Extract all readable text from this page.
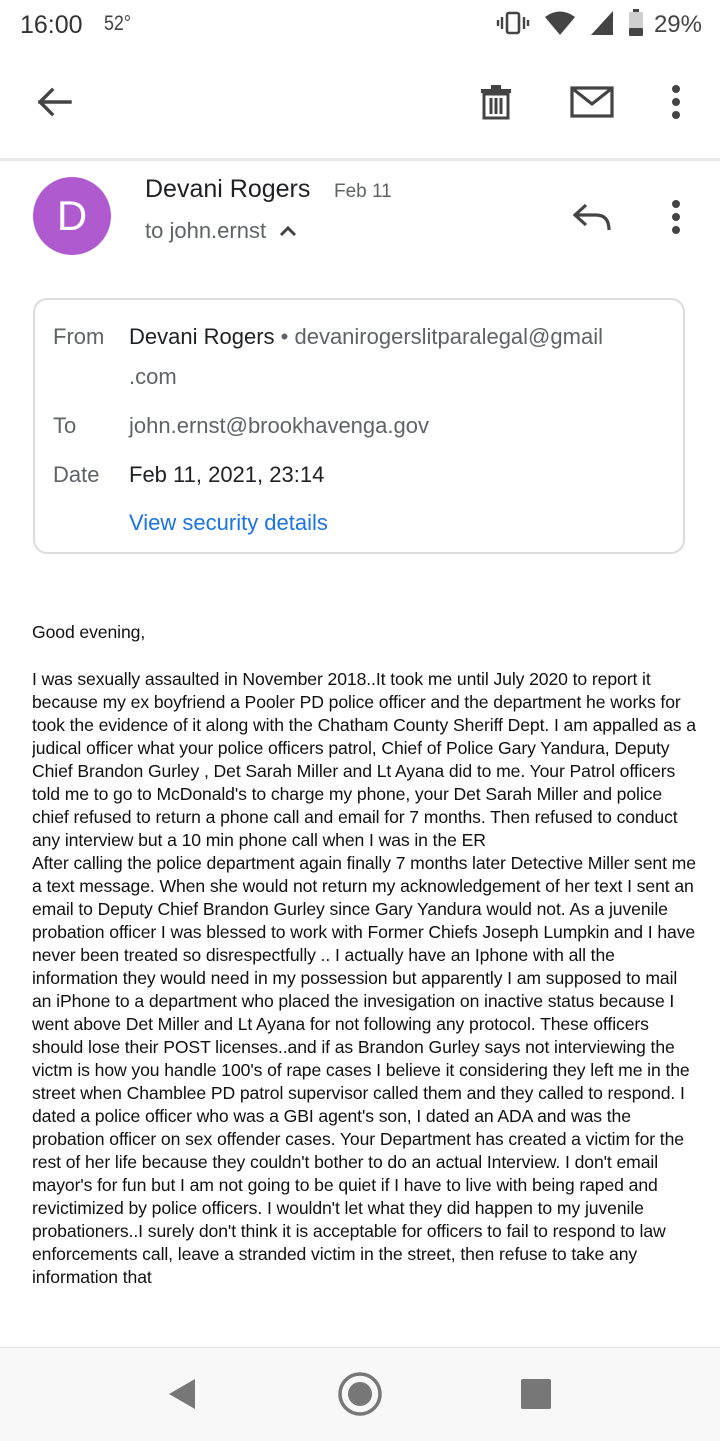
16:00 52°	29%
D
Devani Rogers Feb 11
to john.ernst
From Devani Rogers • devanirogerslitparalegal@gmail
.com
To john.ernst@brookhavenga.gov
Date Feb 11, 2021, 23:14
View security details

Good evening,

I was sexually assaulted in November 2018..It took me until July 2020 to report it because my ex boyfriend a Pooler PD police officer and the department he works for took the evidence of it along with the Chatham County Sheriff Dept. I am appalled as a judical officer what your police officers patrol, Chief of Police Gary Yandura, Deputy Chief Brandon Gurley , Det Sarah Miller and Lt Ayana did to me. Your Patrol officers told me to go to McDonald's to charge my phone, your Det Sarah Miller and police chief refused to return a phone call and email for 7 months. Then refused to conduct any interview but a 10 min phone call when I was in the ER
After calling the police department again finally 7 months later Detective Miller sent me a text message. When she would not return my acknowledgement of her text I sent an email to Deputy Chief Brandon Gurley since Gary Yandura would not. As a juvenile probation officer I was blessed to work with Former Chiefs Joseph Lumpkin and I have never been treated so disrespectfully .. I actually have an Iphone with all the information they would need in my possession but apparently I am supposed to mail an iPhone to a department who placed the invesigation on inactive status because I went above Det Miller and Lt Ayana for not following any protocol. These officers should lose their POST licenses..and if as Brandon Gurley says not interviewing the victm is how you handle 100's of rape cases I believe it considering they left me in the street when Chamblee PD patrol supervisor called them and they called to respond. I dated a police officer who was a GBI agent's son, I dated an ADA and was the probation officer on sex offender cases. Your Department has created a victim for the rest of her life because they couldn't bother to do an actual Interview. I don't email mayor's for fun but I am not going to be quiet if I have to live with being raped and revictimized by police officers. I wouldn't let what they did happen to my juvenile probationers..I surely don't think it is acceptable for officers to fail to respond to law enforcements call, leave a stranded victim in the street, then refuse to take any information that
